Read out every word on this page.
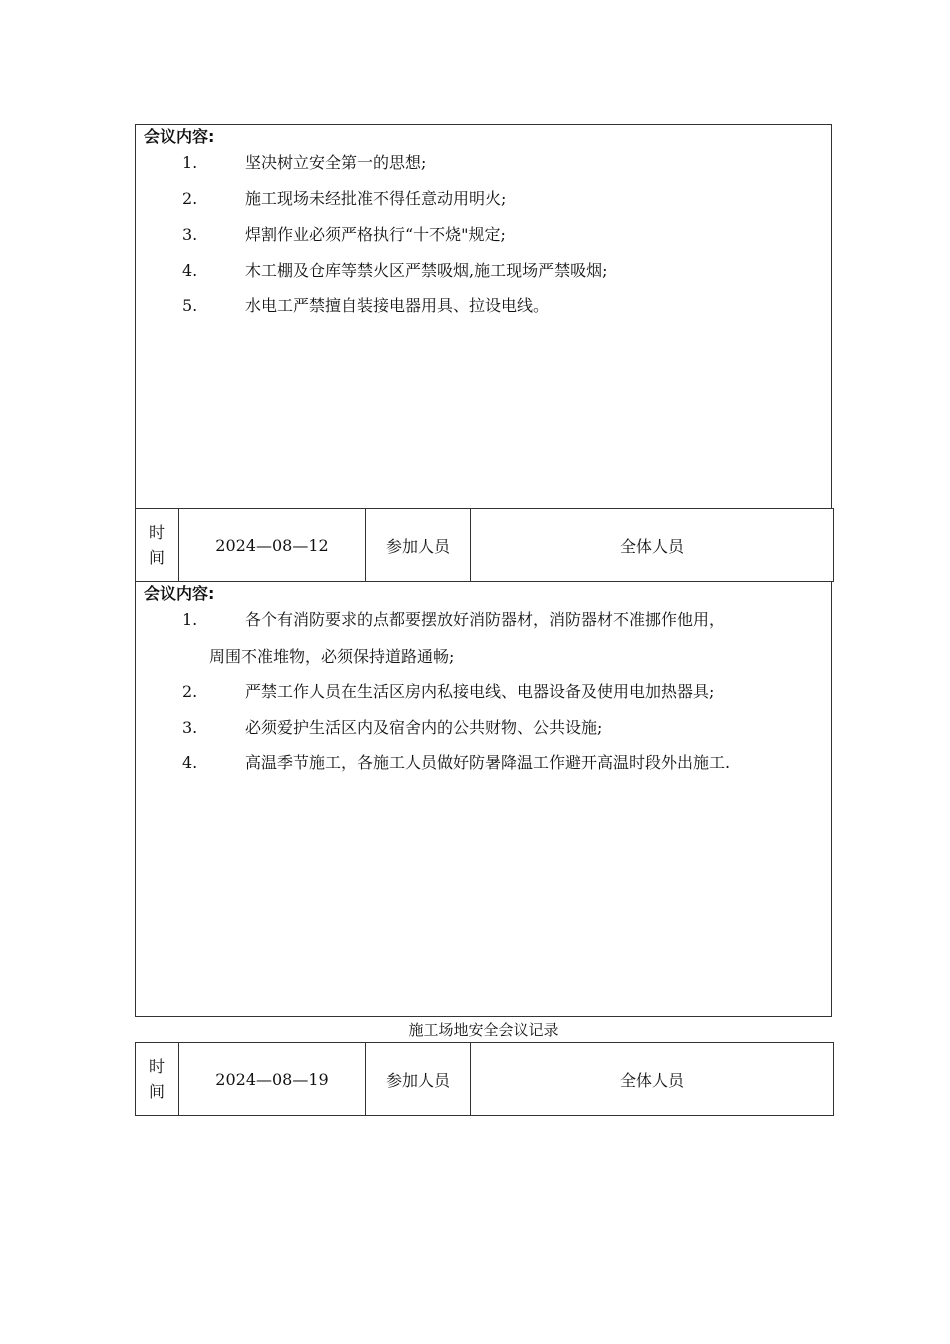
会议内容:
1.	坚决树立安全第一的思想;
2.	施工现场未经批准不得任意动用明火;
3.	焊割作业必须严格执行“十不烧"规定;
4.	木工棚及仓库等禁火区严禁吸烟,施工现场严禁吸烟;
5.	水电工严禁擅自装接电器用具、拉设电线。
时
间
	2024—08—12	参加人员	全体人员
会议内容:
1.	各个有消防要求的点都要摆放好消防器材，消防器材不准挪作他用，
周围不准堆物，必须保持道路通畅;
2.	严禁工作人员在生活区房内私接电线、电器设备及使用电加热器具;
3.	必须爱护生活区内及宿舍内的公共财物、公共设施;
4.	高温季节施工，各施工人员做好防暑降温工作避开高温时段外出施工.
施工场地安全会议记录
时
间
	2024—08—19	参加人员	全体人员
